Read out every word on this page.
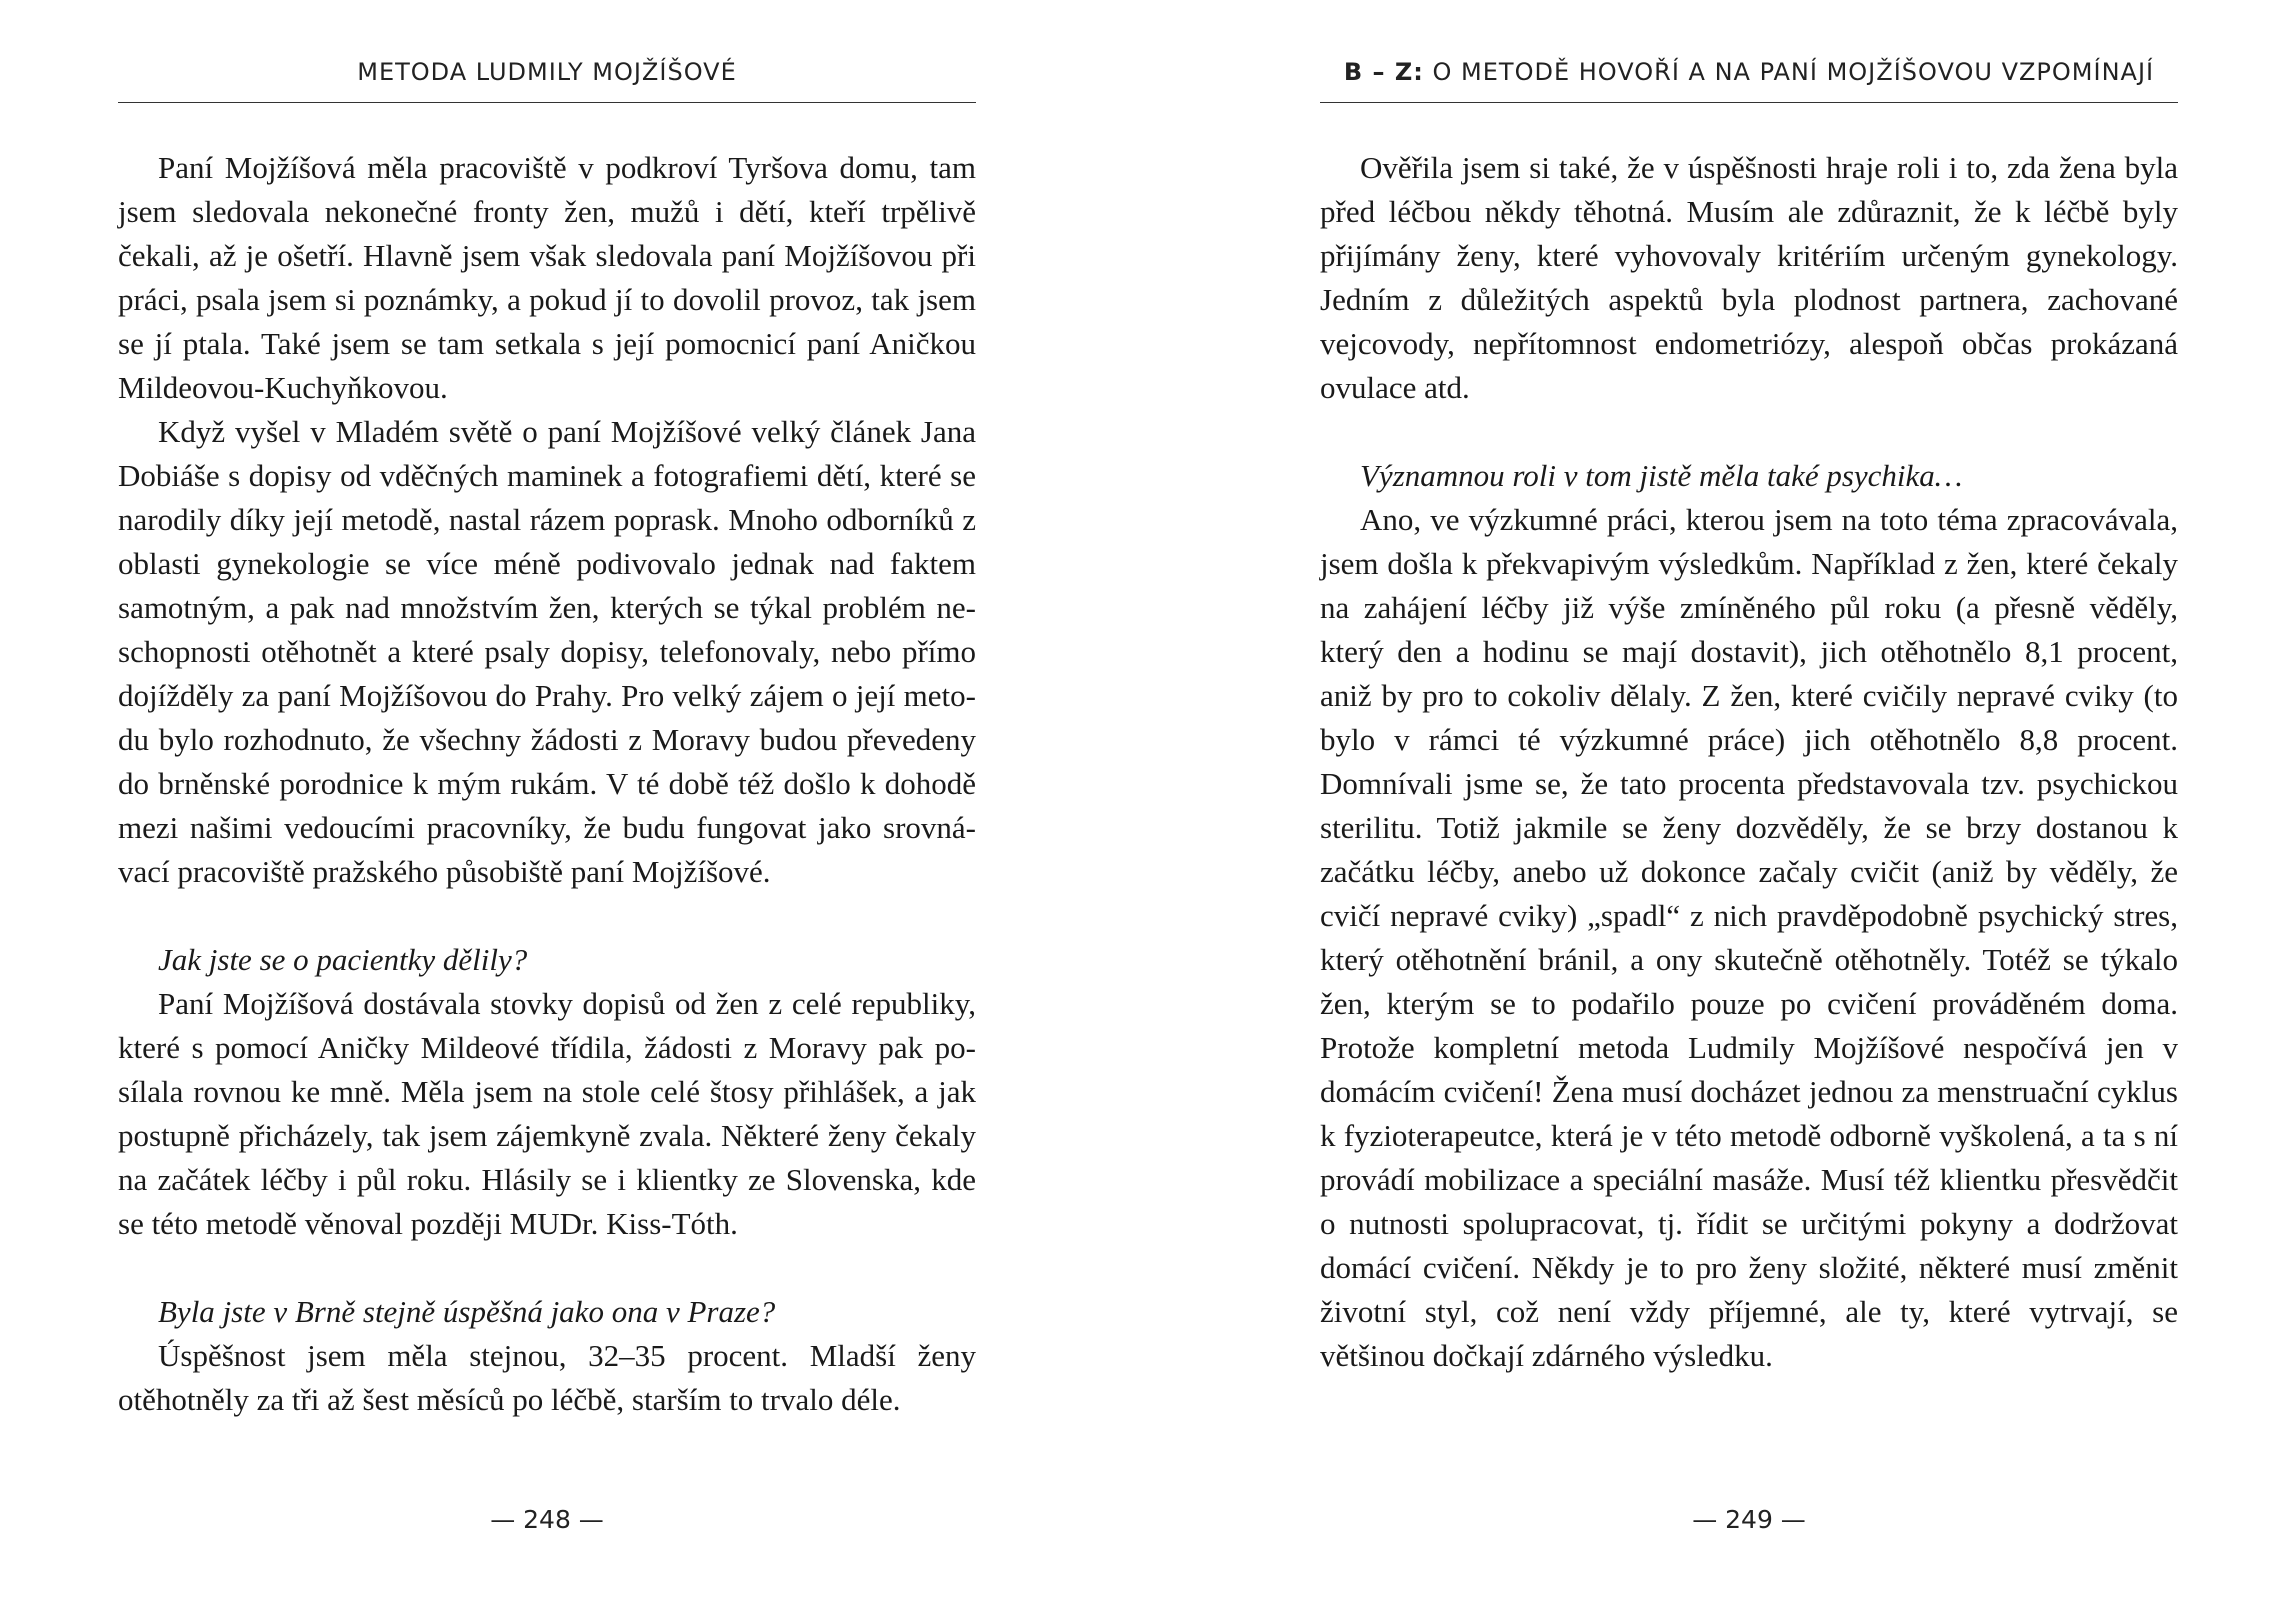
METODA LUDMILY MOJŽÍŠOVÉ

Paní Mojžíšová měla pracoviště v podkroví Tyršova domu, tam jsem sledovala nekonečné fronty žen, mužů i dětí, kteří trpělivě čekali, až je ošetří. Hlavně jsem však sledovala paní Mojžíšovou při práci, psala jsem si poznámky, a pokud jí to dovolil provoz, tak jsem se jí ptala. Také jsem se tam setkala s její pomocnicí paní Aničkou Mildeovou-Kuchyňkovou.

Když vyšel v Mladém světě o paní Mojžíšové velký článek Jana Dobiáše s dopisy od vděčných maminek a fotografiemi dětí, které se narodily díky její metodě, nastal rázem poprask. Mnoho odborníků z oblasti gynekologie se více méně podivovalo jednak nad faktem samotným, a pak nad množstvím žen, kterých se týkal problém neschopnosti otěhotnět a které psaly dopisy, telefonovaly, nebo přímo dojížděly za paní Mojžíšovou do Prahy. Pro velký zájem o její metodu bylo rozhodnuto, že všechny žádosti z Moravy budou převedeny do brněnské porodnice k mým rukám. V té době též došlo k dohodě mezi našimi vedoucími pracovníky, že budu fungovat jako srovnávací pracoviště pražského působiště paní Mojžíšové.

Jak jste se o pacientky dělily?

Paní Mojžíšová dostávala stovky dopisů od žen z celé republiky, které s pomocí Aničky Mildeové třídila, žádosti z Moravy pak posílala rovnou ke mně. Měla jsem na stole celé štosy přihlášek, a jak postupně přicházely, tak jsem zájemkyně zvala. Některé ženy čekaly na začátek léčby i půl roku. Hlásily se i klientky ze Slovenska, kde se této metodě věnoval později MUDr. Kiss-Tóth.

Byla jste v Brně stejně úspěšná jako ona v Praze?

Úspěšnost jsem měla stejnou, 32–35 procent. Mladší ženy otěhotněly za tři až šest měsíců po léčbě, starším to trvalo déle.

— 248 —
B – Z: O METODĚ HOVOŘÍ A NA PANÍ MOJŽÍŠOVOU VZPOMÍNAJÍ

Ověřila jsem si také, že v úspěšnosti hraje roli i to, zda žena byla před léčbou někdy těhotná. Musím ale zdůraznit, že k léčbě byly přijímány ženy, které vyhovovaly kritériím určeným gynekology. Jedním z důležitých aspektů byla plodnost partnera, zachované vejcovody, nepřítomnost endometriózy, alespoň občas prokázaná ovulace atd.

Významnou roli v tom jistě měla také psychika…

Ano, ve výzkumné práci, kterou jsem na toto téma zpracovávala, jsem došla k překvapivým výsledkům. Například z žen, které čekaly na zahájení léčby již výše zmíněného půl roku (a přesně věděly, který den a hodinu se mají dostavit), jich otěhotnělo 8,1 procent, aniž by pro to cokoliv dělaly. Z žen, které cvičily nepravé cviky (to bylo v rámci té výzkumné práce) jich otěhotnělo 8,8 procent. Domnívali jsme se, že tato procenta představovala tzv. psychickou sterilitu. Totiž jakmile se ženy dozvěděly, že se brzy dostanou k začátku léčby, anebo už dokonce začaly cvičit (aniž by věděly, že cvičí nepravé cviky) „spadl“ z nich pravděpodobně psychický stres, který otěhotnění bránil, a ony skutečně otěhotněly. Totéž se týkalo žen, kterým se to podařilo pouze po cvičení prováděném doma. Protože kompletní metoda Ludmily Mojžíšové nespočívá jen v domácím cvičení! Žena musí docházet jednou za menstruační cyklus k fyzioterapeutce, která je v této metodě odborně vyškolená, a ta s ní provádí mobilizace a speciální masáže. Musí též klientku přesvědčit o nutnosti spolupracovat, tj. řídit se určitými pokyny a dodržovat domácí cvičení. Někdy je to pro ženy složité, některé musí změnit životní styl, což není vždy příjemné, ale ty, které vytrvají, se většinou dočkají zdárného výsledku.

— 249 —
